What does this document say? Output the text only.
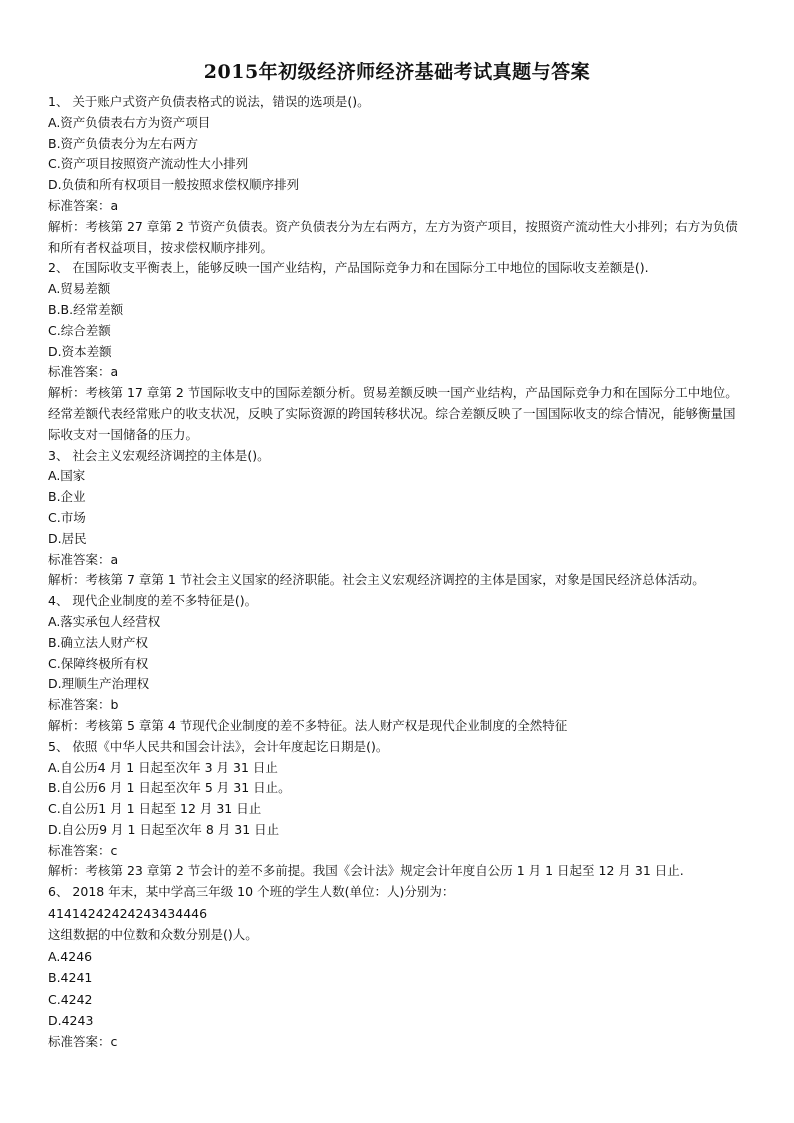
2015年初级经济师经济基础考试真题与答案
1、 关于账户式资产负债表格式的说法，错误的选项是()。
A.资产负债表右方为资产项目
B.资产负债表分为左右两方
C.资产项目按照资产流动性大小排列
D.负债和所有权项目一般按照求偿权顺序排列
标准答案：a
解析：考核第 27 章第 2 节资产负债表。资产负债表分为左右两方，左方为资产项目，按照资产流动性大小排列；右方为负债和所有者权益项目，按求偿权顺序排列。
2、 在国际收支平衡表上，能够反映一国产业结构，产品国际竞争力和在国际分工中地位的国际收支差额是().
A.贸易差额
B.B.经常差额
C.综合差额
D.资本差额
标准答案：a
解析：考核第 17 章第 2 节国际收支中的国际差额分析。贸易差额反映一国产业结构，产品国际竞争力和在国际分工中地位。经常差额代表经常账户的收支状况，反映了实际资源的跨国转移状况。综合差额反映了一国国际收支的综合情况，能够衡量国际收支对一国储备的压力。
3、 社会主义宏观经济调控的主体是()。
A.国家
B.企业
C.市场
D.居民
标准答案：a
解析：考核第 7 章第 1 节社会主义国家的经济职能。社会主义宏观经济调控的主体是国家，对象是国民经济总体活动。
4、 现代企业制度的差不多特征是()。
A.落实承包人经营权
B.确立法人财产权
C.保障终极所有权
D.理顺生产治理权
标准答案：b
解析：考核第 5 章第 4 节现代企业制度的差不多特征。法人财产权是现代企业制度的全然特征
5、 依照《中华人民共和国会计法》，会计年度起讫日期是()。
A.自公历4 月 1 日起至次年 3 月 31 日止
B.自公历6 月 1 日起至次年 5 月 31 日止。
C.自公历1 月 1 日起至 12 月 31 日止
D.自公历9 月 1 日起至次年 8 月 31 日止
标准答案：c
解析：考核第 23 章第 2 节会计的差不多前提。我国《会计法》规定会计年度自公历 1 月 1 日起至 12 月 31 日止.
6、 2018 年末，某中学高三年级 10 个班的学生人数(单位：人)分别为：
41414242424243434446
这组数据的中位数和众数分别是()人。
A.4246
B.4241
C.4242
D.4243
标准答案：c
